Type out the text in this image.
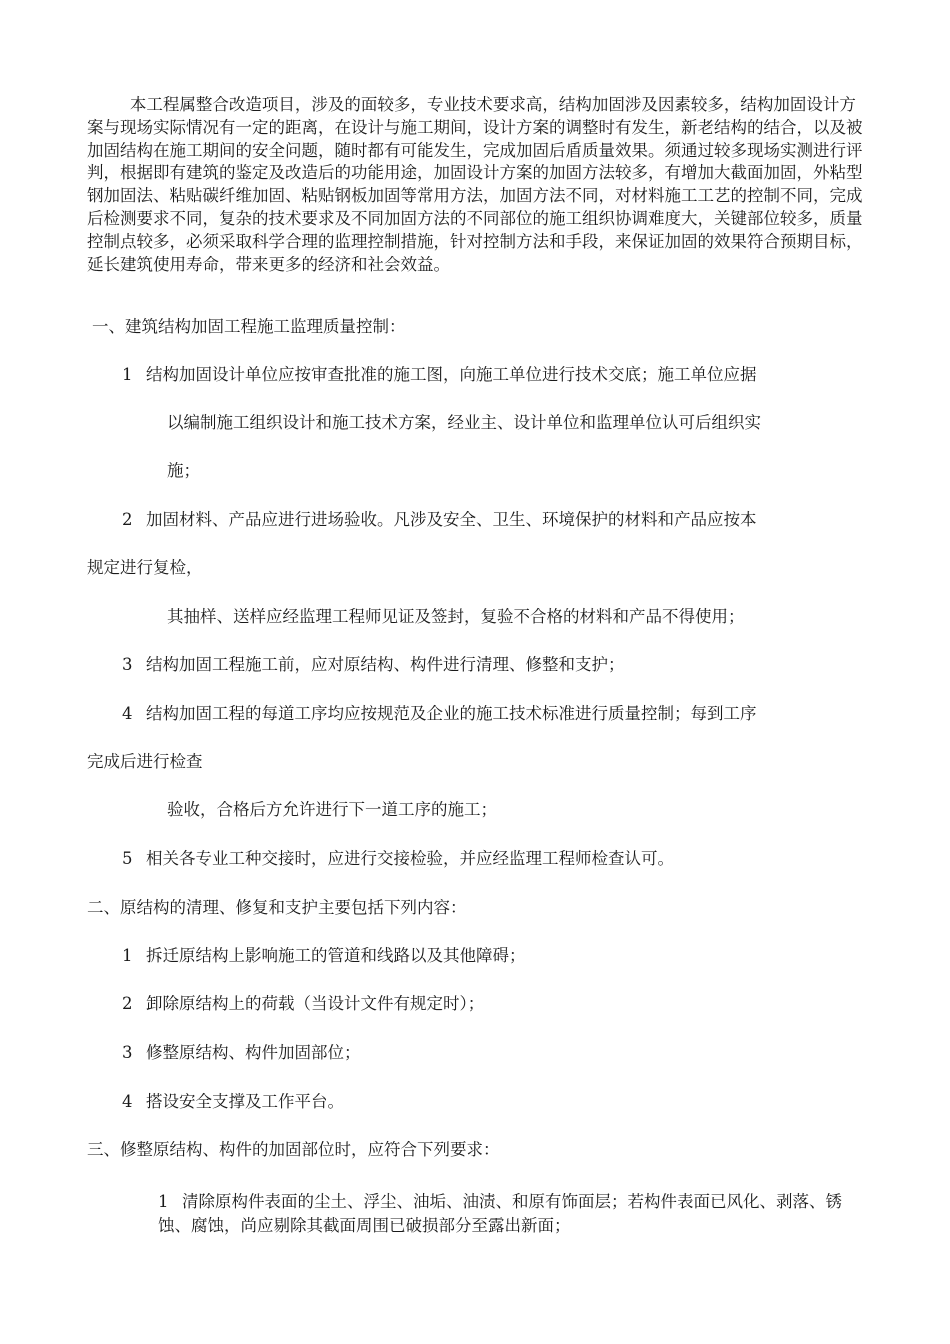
本工程属整合改造项目，涉及的面较多，专业技术要求高，结构加固涉及因素较多，结构加固设计方案与现场实际情况有一定的距离，在设计与施工期间，设计方案的调整时有发生，新老结构的结合，以及被加固结构在施工期间的安全问题，随时都有可能发生，完成加固后盾质量效果。须通过较多现场实测进行评判，根据即有建筑的鉴定及改造后的功能用途，加固设计方案的加固方法较多，有增加大截面加固，外粘型钢加固法、粘贴碳纤维加固、粘贴钢板加固等常用方法，加固方法不同，对材料施工工艺的控制不同，完成后检测要求不同，复杂的技术要求及不同加固方法的不同部位的施工组织协调难度大，关键部位较多，质量控制点较多，必须采取科学合理的监理控制措施，针对控制方法和手段，来保证加固的效果符合预期目标，延长建筑使用寿命，带来更多的经济和社会效益。

一、建筑结构加固工程施工监理质量控制：
1 结构加固设计单位应按审查批准的施工图，向施工单位进行技术交底；施工单位应据
以编制施工组织设计和施工技术方案，经业主、设计单位和监理单位认可后组织实
施；
2 加固材料、产品应进行进场验收。凡涉及安全、卫生、环境保护的材料和产品应按本
规定进行复检，
其抽样、送样应经监理工程师见证及签封，复验不合格的材料和产品不得使用；
3 结构加固工程施工前，应对原结构、构件进行清理、修整和支护；
4 结构加固工程的每道工序均应按规范及企业的施工技术标准进行质量控制；每到工序
完成后进行检查
验收，合格后方允许进行下一道工序的施工；
5 相关各专业工种交接时，应进行交接检验，并应经监理工程师检查认可。
二、原结构的清理、修复和支护主要包括下列内容：
1 拆迁原结构上影响施工的管道和线路以及其他障碍；
2 卸除原结构上的荷载（当设计文件有规定时）；
3 修整原结构、构件加固部位；
4 搭设安全支撑及工作平台。
三、修整原结构、构件的加固部位时，应符合下列要求：
1 清除原构件表面的尘土、浮尘、油垢、油渍、和原有饰面层；若构件表面已风化、剥落、锈蚀、腐蚀，尚应剔除其截面周围已破损部分至露出新面；
